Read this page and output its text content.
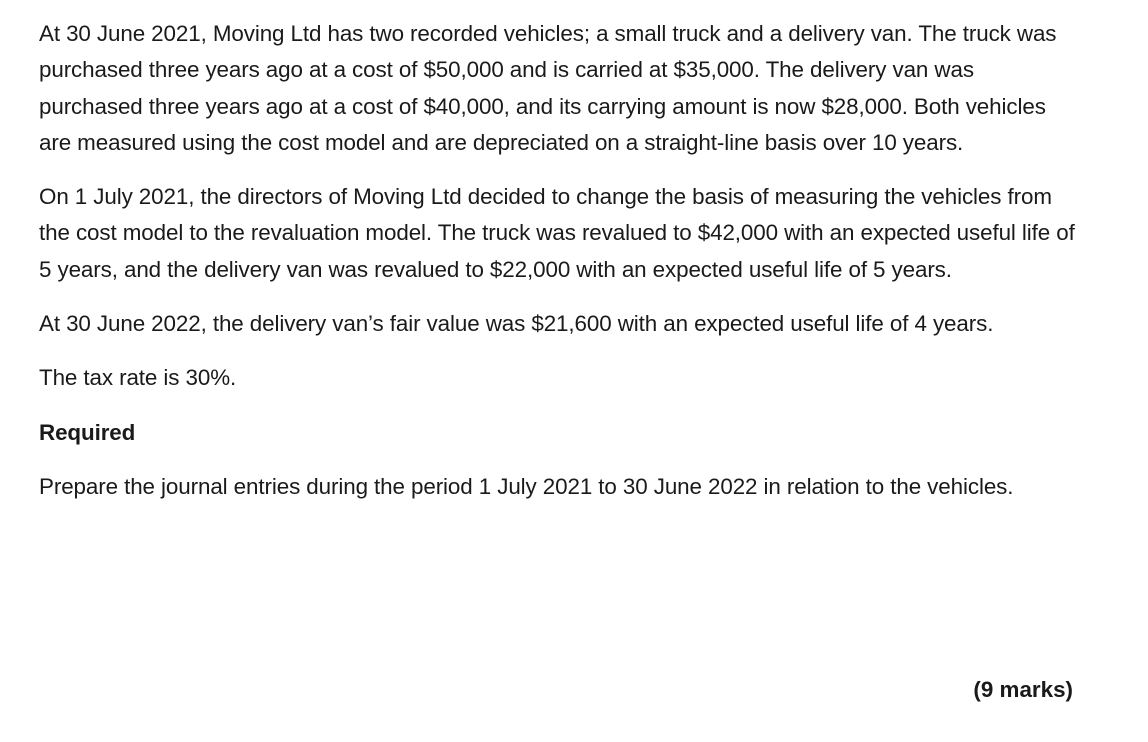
At 30 June 2021, Moving Ltd has two recorded vehicles; a small truck and a delivery van. The truck was purchased three years ago at a cost of $50,000 and is carried at $35,000. The delivery van was purchased three years ago at a cost of $40,000, and its carrying amount is now $28,000. Both vehicles are measured using the cost model and are depreciated on a straight-line basis over 10 years.

On 1 July 2021, the directors of Moving Ltd decided to change the basis of measuring the vehicles from the cost model to the revaluation model. The truck was revalued to $42,000 with an expected useful life of 5 years, and the delivery van was revalued to $22,000 with an expected useful life of 5 years.

At 30 June 2022, the delivery van’s fair value was $21,600 with an expected useful life of 4 years.

The tax rate is 30%.

Required

Prepare the journal entries during the period 1 July 2021 to 30 June 2022 in relation to the vehicles.

(9 marks)
